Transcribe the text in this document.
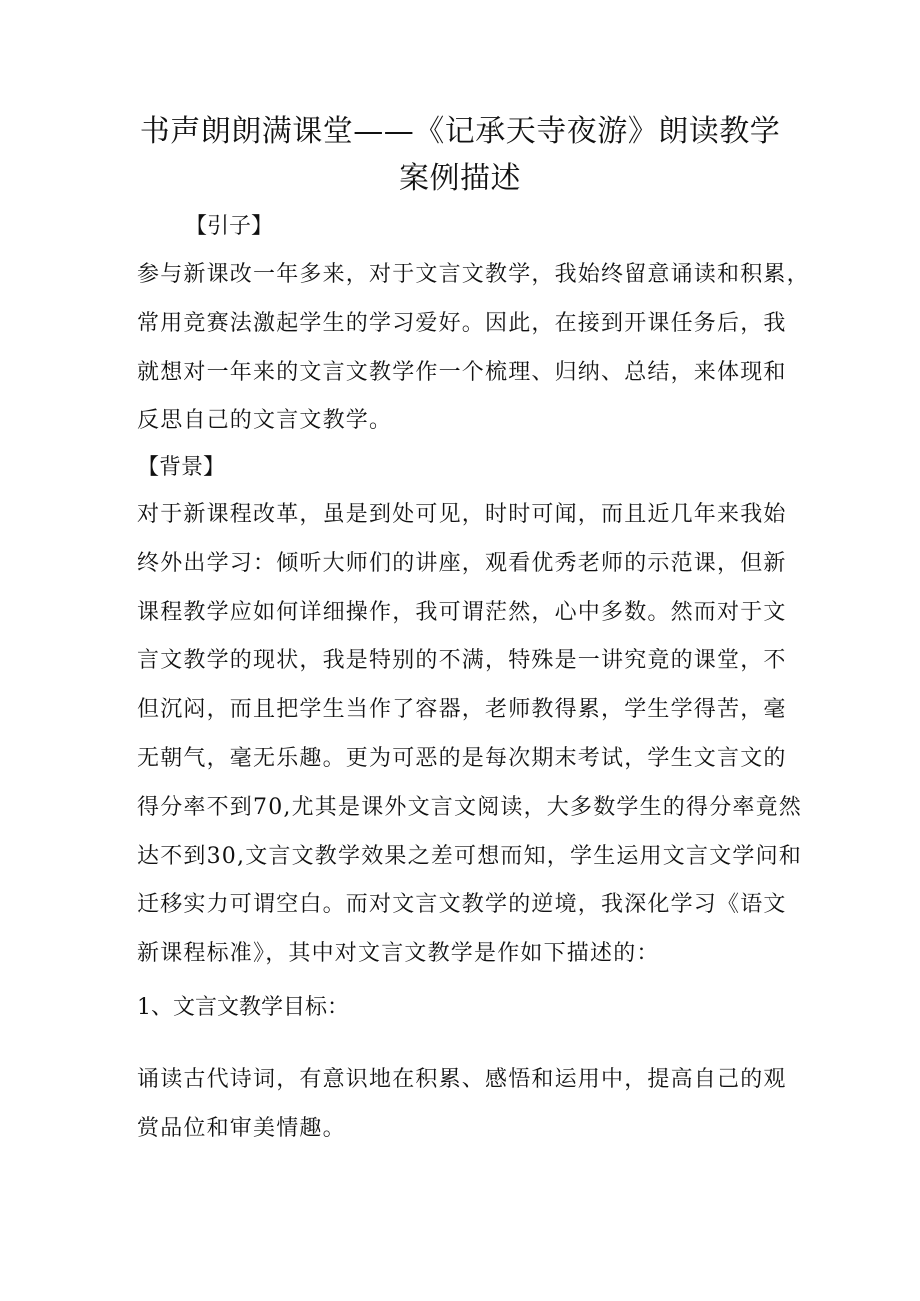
书声朗朗满课堂——《记承天寺夜游》朗读教学
案例描述
【引子】
参与新课改一年多来，对于文言文教学，我始终留意诵读和积累，
常用竞赛法激起学生的学习爱好。因此，在接到开课任务后，我
就想对一年来的文言文教学作一个梳理、归纳、总结，来体现和
反思自己的文言文教学。
【背景】
对于新课程改革，虽是到处可见，时时可闻，而且近几年来我始
终外出学习：倾听大师们的讲座，观看优秀老师的示范课，但新
课程教学应如何详细操作，我可谓茫然，心中多数。然而对于文
言文教学的现状，我是特别的不满，特殊是一讲究竟的课堂，不
但沉闷，而且把学生当作了容器，老师教得累，学生学得苦，毫
无朝气，毫无乐趣。更为可恶的是每次期末考试，学生文言文的
得分率不到70,尤其是课外文言文阅读，大多数学生的得分率竟然
达不到30,文言文教学效果之差可想而知，学生运用文言文学问和
迁移实力可谓空白。而对文言文教学的逆境，我深化学习《语文
新课程标准》，其中对文言文教学是作如下描述的：
1、文言文教学目标：
诵读古代诗词，有意识地在积累、感悟和运用中，提高自己的观
赏品位和审美情趣。
